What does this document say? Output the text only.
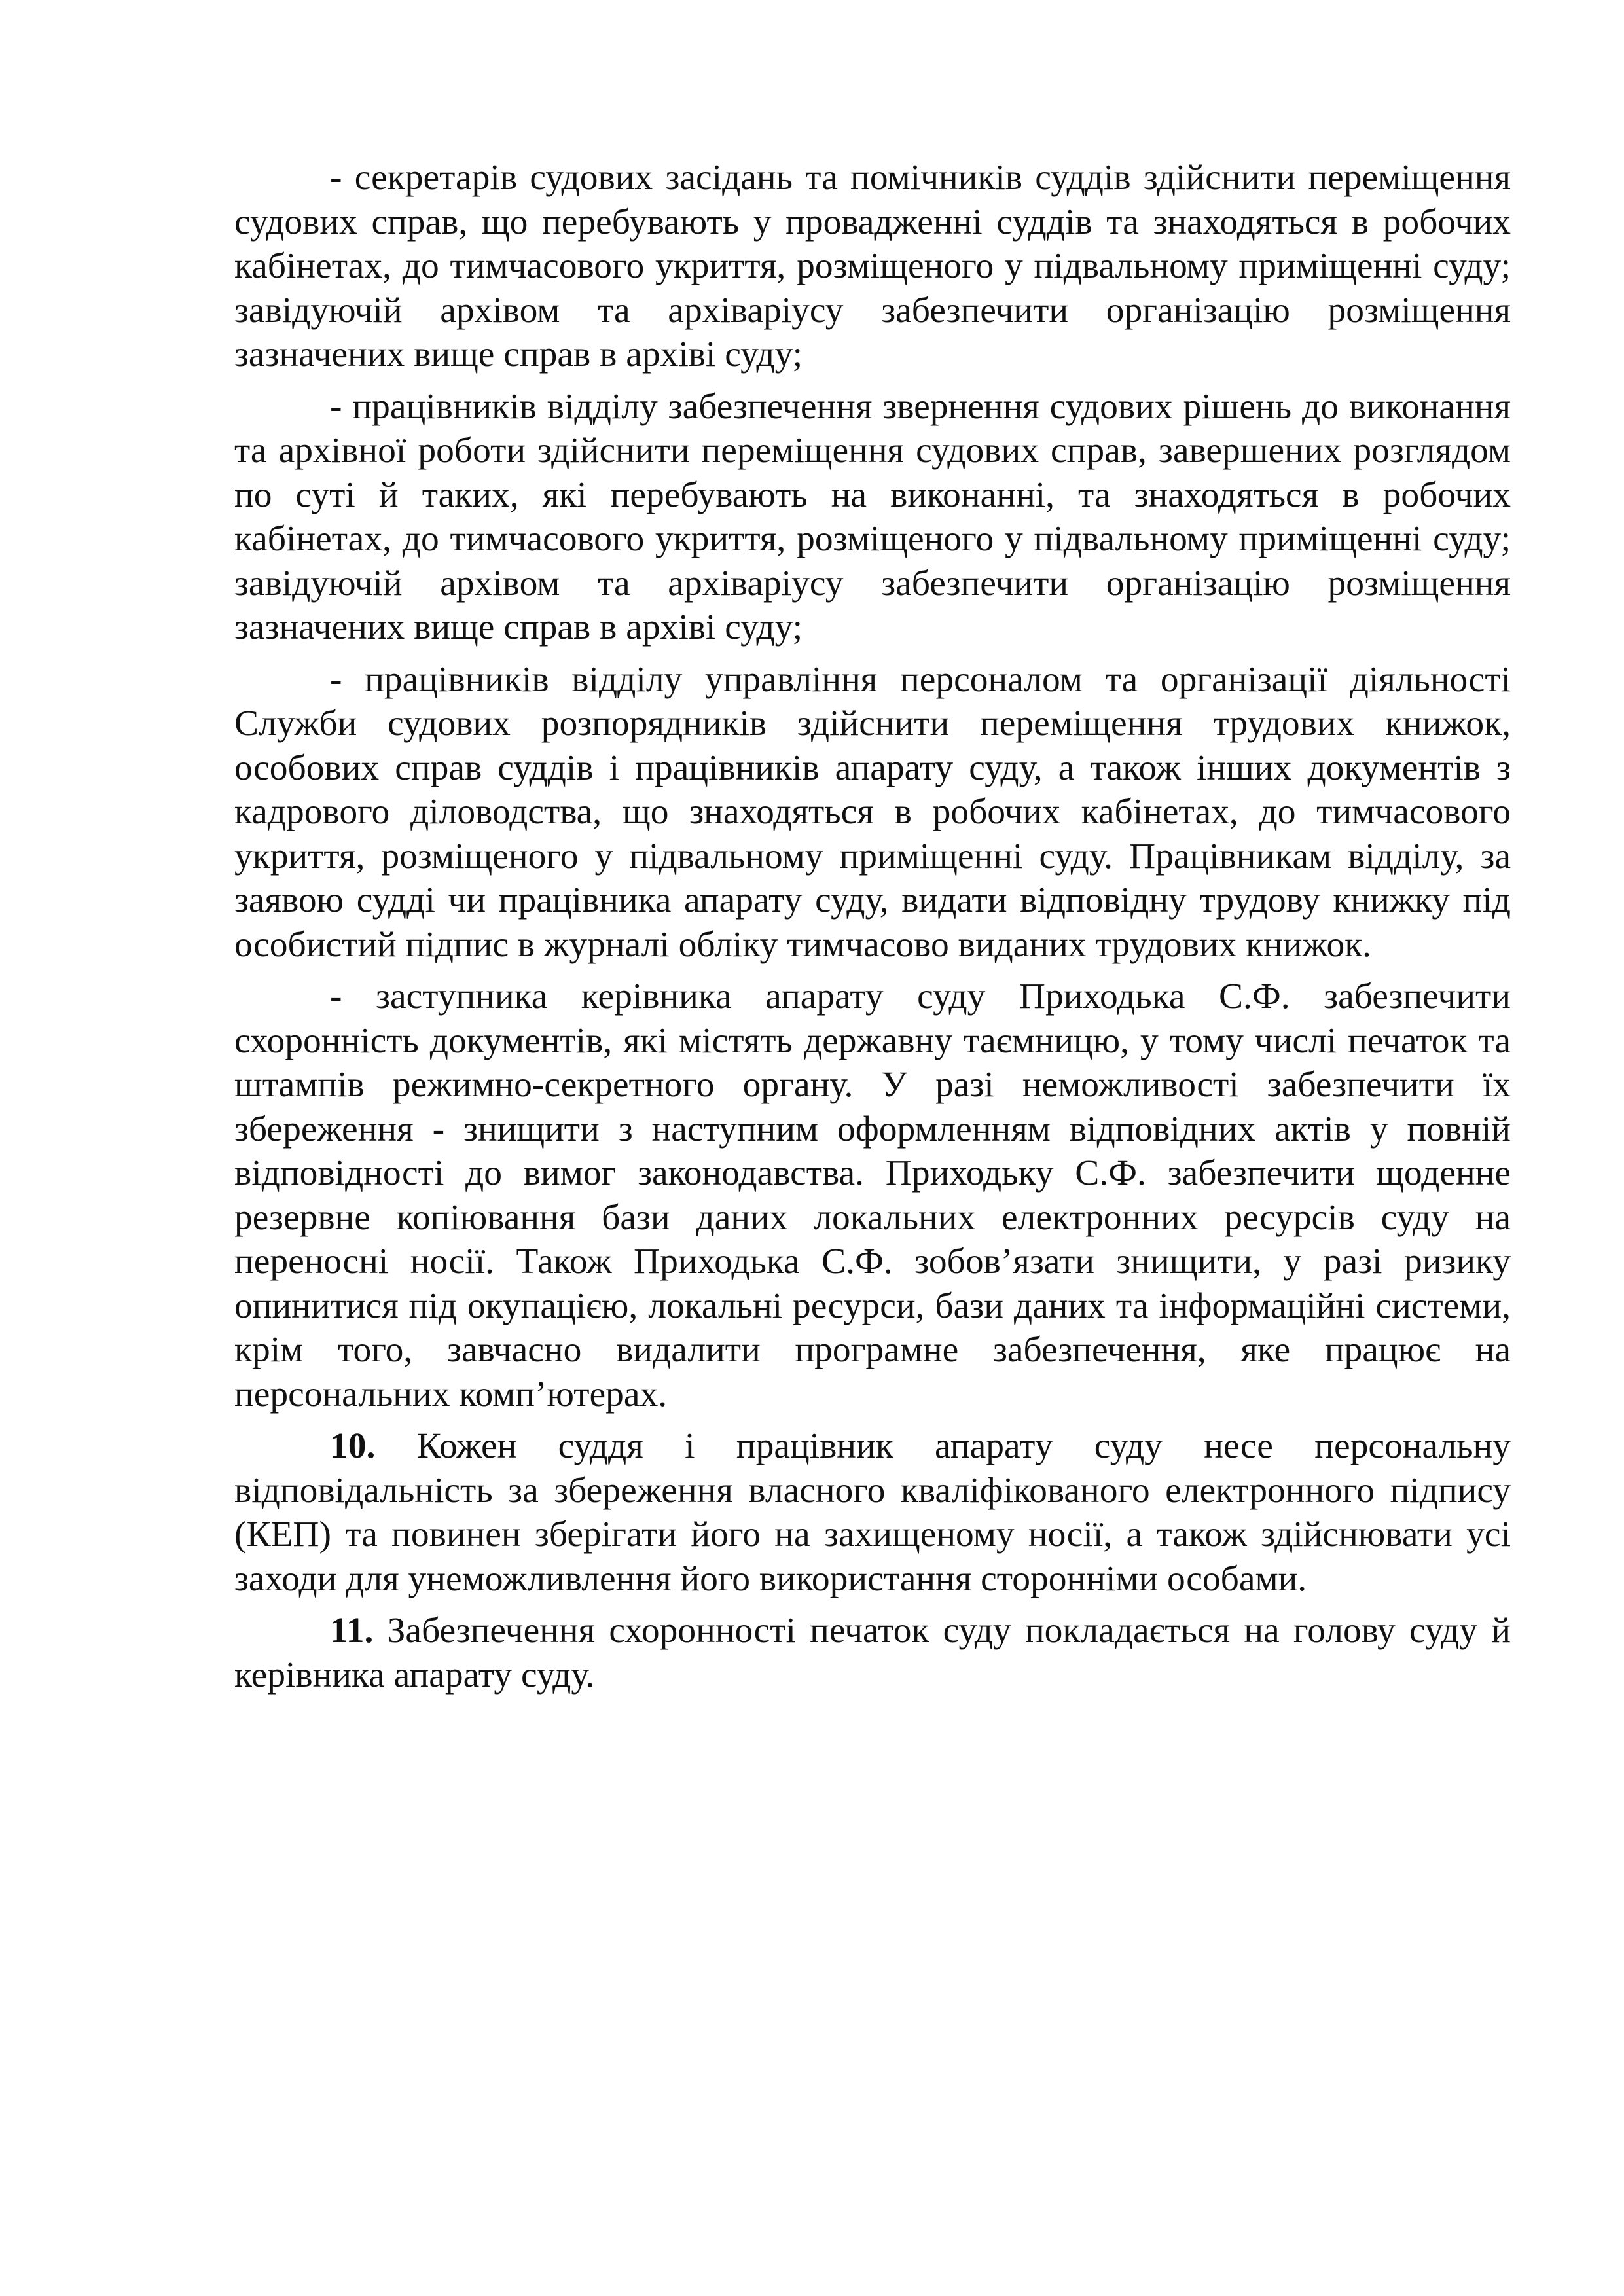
- секретарів судових засідань та помічників суддів здійснити переміщення судових справ, що перебувають у провадженні суддів та знаходяться в робочих кабінетах, до тимчасового укриття, розміщеного у підвальному приміщенні суду; завідуючій архівом та архіваріусу забезпечити організацію розміщення зазначених вище справ в архіві суду;

- працівників відділу забезпечення звернення судових рішень до виконання та архівної роботи здійснити переміщення судових справ, завершених розглядом по суті й таких, які перебувають на виконанні, та знаходяться в робочих кабінетах, до тимчасового укриття, розміщеного у підвальному приміщенні суду; завідуючій архівом та архіваріусу забезпечити організацію розміщення зазначених вище справ в архіві суду;

- працівників відділу управління персоналом та організації діяльності Служби судових розпорядників здійснити переміщення трудових книжок, особових справ суддів і працівників апарату суду, а також інших документів з кадрового діловодства, що знаходяться в робочих кабінетах, до тимчасового укриття, розміщеного у підвальному приміщенні суду. Працівникам відділу, за заявою судді чи працівника апарату суду, видати відповідну трудову книжку під особистий підпис в журналі обліку тимчасово виданих трудових книжок.

- заступника керівника апарату суду Приходька С.Ф. забезпечити схоронність документів, які містять державну таємницю, у тому числі печаток та штампів режимно-секретного органу. У разі неможливості забезпечити їх збереження - знищити з наступним оформленням відповідних актів у повній відповідності до вимог законодавства. Приходьку С.Ф. забезпечити щоденне резервне копіювання бази даних локальних електронних ресурсів суду на переносні носії. Також Приходька С.Ф. зобов’язати знищити, у разі ризику опинитися під окупацією, локальні ресурси, бази даних та інформаційні системи, крім того, завчасно видалити програмне забезпечення, яке працює на персональних комп’ютерах.

10. Кожен суддя і працівник апарату суду несе персональну відповідальність за збереження власного кваліфікованого електронного підпису (КЕП) та повинен зберігати його на захищеному носії, а також здійснювати усі заходи для унеможливлення його використання сторонніми особами.

11. Забезпечення схоронності печаток суду покладається на голову суду й керівника апарату суду.
